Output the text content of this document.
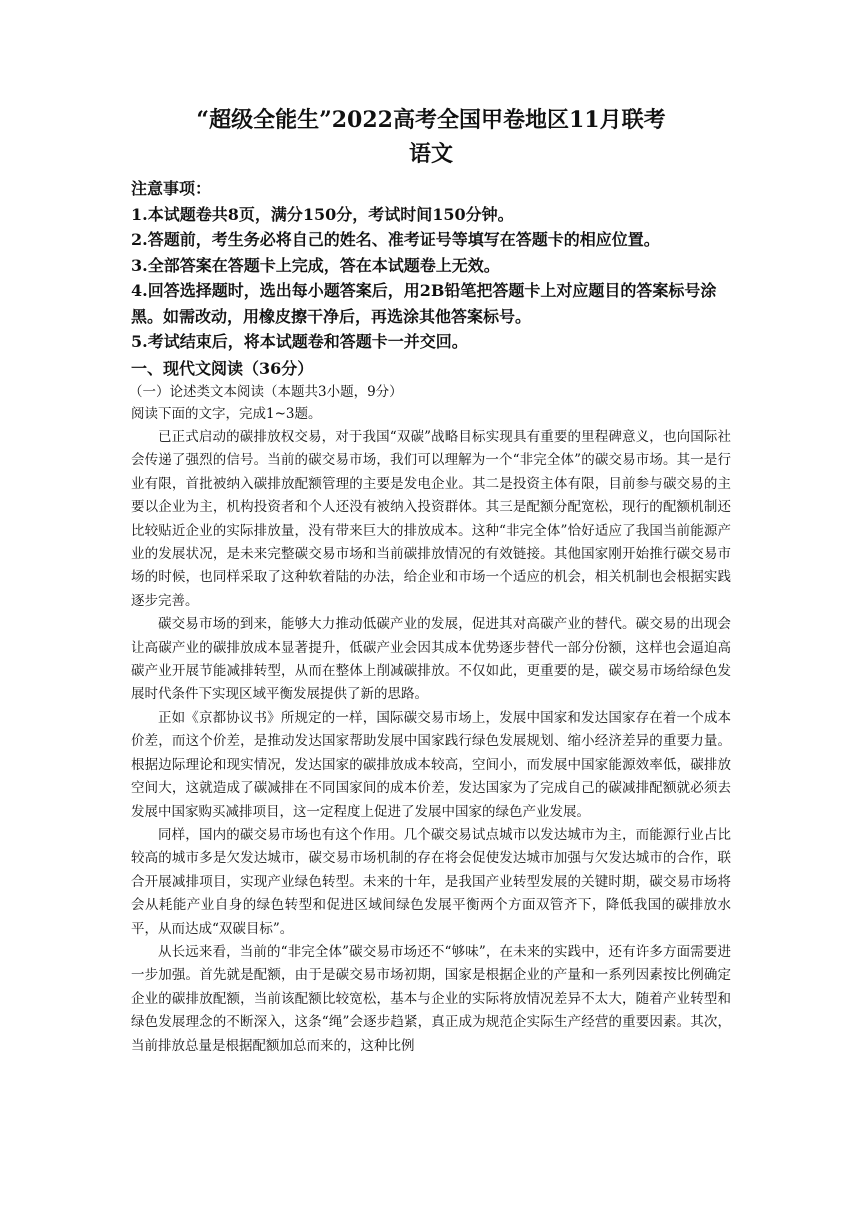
“超级全能生”2022高考全国甲卷地区11月联考
语文

注意事项：

1.本试题卷共8页，满分150分，考试时间150分钟。

2.答题前，考生务必将自己的姓名、准考证号等填写在答题卡的相应位置。

3.全部答案在答题卡上完成，答在本试题卷上无效。

4.回答选择题时，选出每小题答案后，用2B铅笔把答题卡上对应题目的答案标号涂黑。如需改动，用橡皮擦干净后，再选涂其他答案标号。

5.考试结束后，将本试题卷和答题卡一并交回。

一、现代文阅读（36分）

（一）论述类文本阅读（本题共3小题，9分）

阅读下面的文字，完成1~3题。

已正式启动的碳排放权交易，对于我国“双碳”战略目标实现具有重要的里程碑意义，也向国际社会传递了强烈的信号。当前的碳交易市场，我们可以理解为一个“非完全体”的碳交易市场。其一是行业有限，首批被纳入碳排放配额管理的主要是发电企业。其二是投资主体有限，目前参与碳交易的主要以企业为主，机构投资者和个人还没有被纳入投资群体。其三是配额分配宽松，现行的配额机制还比较贴近企业的实际排放量，没有带来巨大的排放成本。这种“非完全体”恰好适应了我国当前能源产业的发展状况，是未来完整碳交易市场和当前碳排放情况的有效链接。其他国家刚开始推行碳交易市场的时候，也同样采取了这种软着陆的办法，给企业和市场一个适应的机会，相关机制也会根据实践逐步完善。

碳交易市场的到来，能够大力推动低碳产业的发展，促进其对高碳产业的替代。碳交易的出现会让高碳产业的碳排放成本显著提升，低碳产业会因其成本优势逐步替代一部分份额，这样也会逼迫高碳产业开展节能减排转型，从而在整体上削减碳排放。不仅如此，更重要的是，碳交易市场给绿色发展时代条件下实现区域平衡发展提供了新的思路。

正如《京都协议书》所规定的一样，国际碳交易市场上，发展中国家和发达国家存在着一个成本价差，而这个价差，是推动发达国家帮助发展中国家践行绿色发展规划、缩小经济差异的重要力量。根据边际理论和现实情况，发达国家的碳排放成本较高，空间小，而发展中国家能源效率低，碳排放空间大，这就造成了碳减排在不同国家间的成本价差，发达国家为了完成自己的碳减排配额就必须去发展中国家购买减排项目，这一定程度上促进了发展中国家的绿色产业发展。

同样，国内的碳交易市场也有这个作用。几个碳交易试点城市以发达城市为主，而能源行业占比较高的城市多是欠发达城市，碳交易市场机制的存在将会促使发达城市加强与欠发达城市的合作，联合开展减排项目，实现产业绿色转型。未来的十年，是我国产业转型发展的关键时期，碳交易市场将会从耗能产业自身的绿色转型和促进区域间绿色发展平衡两个方面双管齐下，降低我国的碳排放水平，从而达成“双碳目标”。

从长远来看，当前的“非完全体”碳交易市场还不“够味”，在未来的实践中，还有许多方面需要进一步加强。首先就是配额，由于是碳交易市场初期，国家是根据企业的产量和一系列因素按比例确定企业的碳排放配额，当前该配额比较宽松，基本与企业的实际将放情况差异不太大，随着产业转型和绿色发展理念的不断深入，这条“绳”会逐步趋紧，真正成为规范企实际生产经营的重要因素。其次，当前排放总量是根据配额加总而来的，这种比例
